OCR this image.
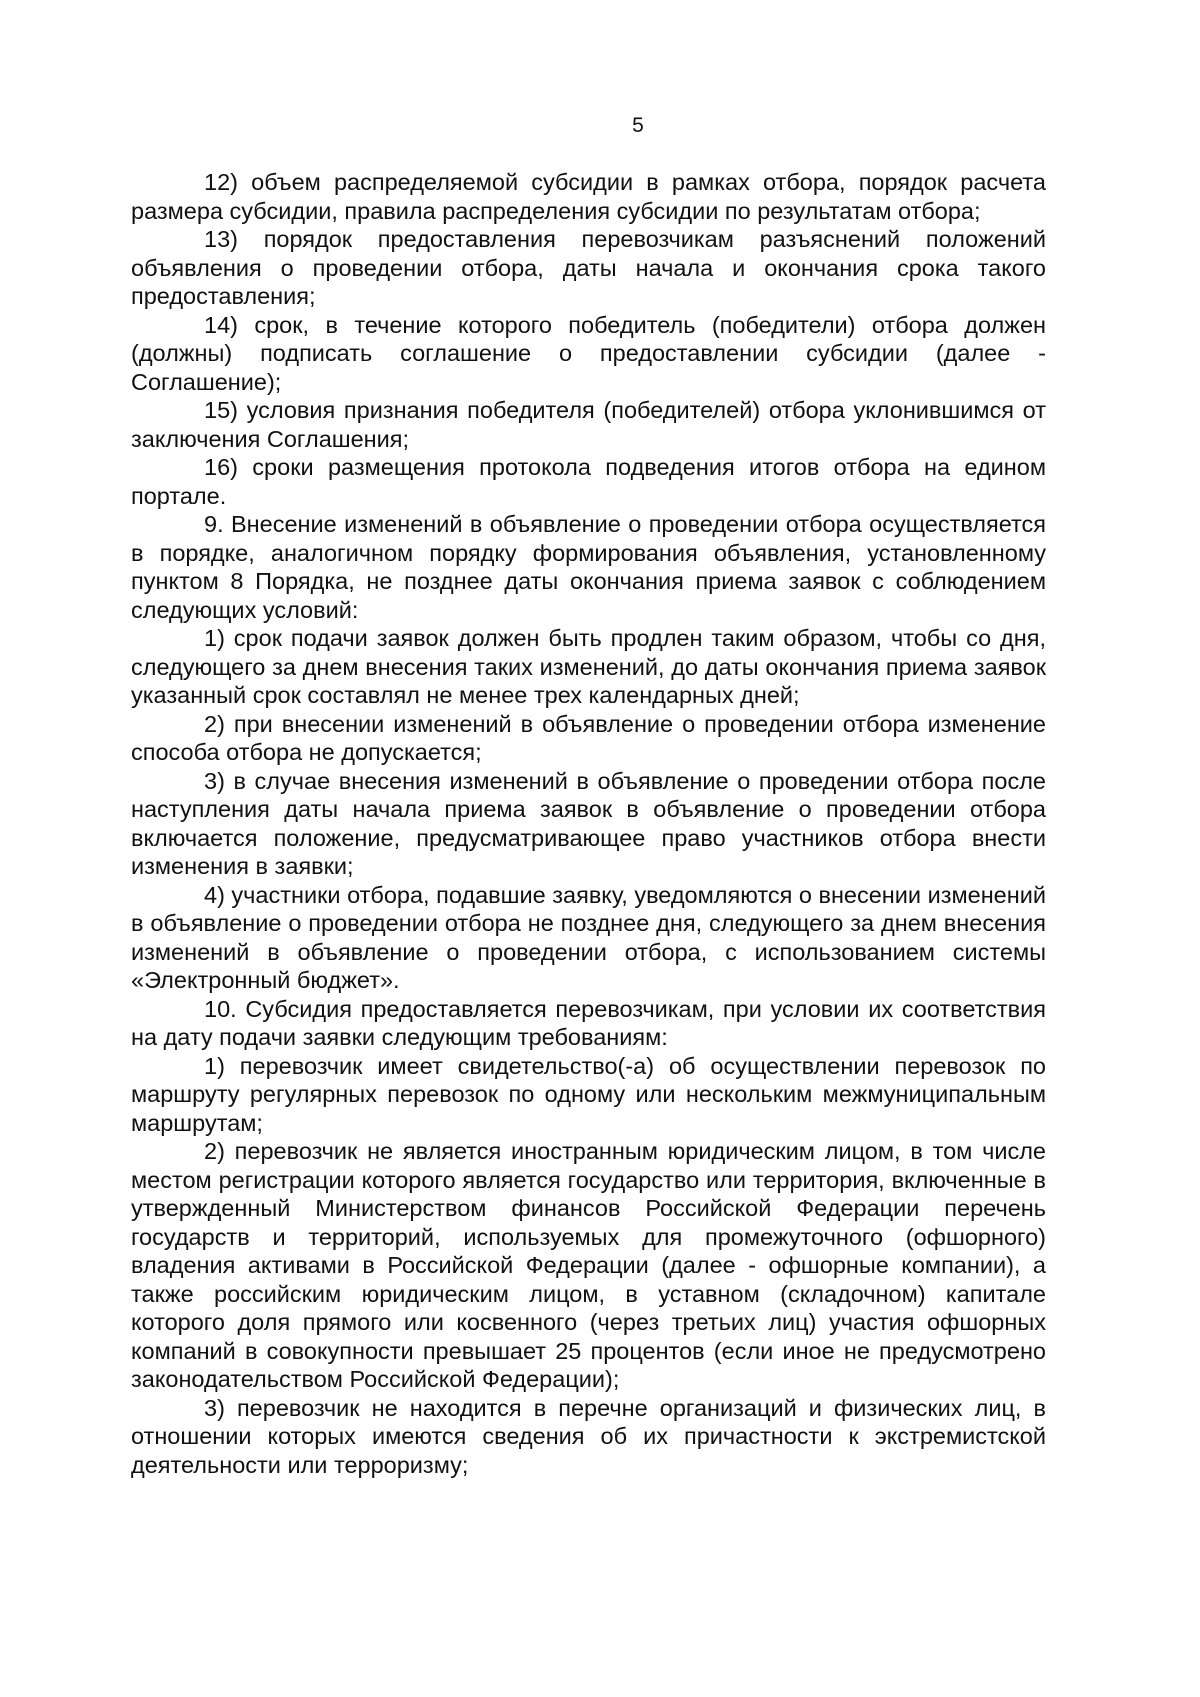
5

12) объем распределяемой субсидии в рамках отбора, порядок расчета размера субсидии, правила распределения субсидии по результатам отбора;

13) порядок предоставления перевозчикам разъяснений положений объявления о проведении отбора, даты начала и окончания срока такого предоставления;

14) срок, в течение которого победитель (победители) отбора должен (должны) подписать соглашение о предоставлении субсидии (далее - Соглашение);

15) условия признания победителя (победителей) отбора уклонившимся от заключения Соглашения;

16) сроки размещения протокола подведения итогов отбора на едином портале.

9. Внесение изменений в объявление о проведении отбора осуществляется в порядке, аналогичном порядку формирования объявления, установленному пунктом 8 Порядка, не позднее даты окончания приема заявок с соблюдением следующих условий:

1) срок подачи заявок должен быть продлен таким образом, чтобы со дня, следующего за днем внесения таких изменений, до даты окончания приема заявок указанный срок составлял не менее трех календарных дней;

2) при внесении изменений в объявление о проведении отбора изменение способа отбора не допускается;

3) в случае внесения изменений в объявление о проведении отбора после наступления даты начала приема заявок в объявление о проведении отбора включается положение, предусматривающее право участников отбора внести изменения в заявки;

4) участники отбора, подавшие заявку, уведомляются о внесении изменений в объявление о проведении отбора не позднее дня, следующего за днем внесения изменений в объявление о проведении отбора, с использованием системы «Электронный бюджет».

10. Субсидия предоставляется перевозчикам, при условии их соответствия на дату подачи заявки следующим требованиям:

1) перевозчик имеет свидетельство(-а) об осуществлении перевозок по маршруту регулярных перевозок по одному или нескольким межмуниципальным маршрутам;

2) перевозчик не является иностранным юридическим лицом, в том числе местом регистрации которого является государство или территория, включенные в утвержденный Министерством финансов Российской Федерации перечень государств и территорий, используемых для промежуточного (офшорного) владения активами в Российской Федерации (далее - офшорные компании), а также российским юридическим лицом, в уставном (складочном) капитале которого доля прямого или косвенного (через третьих лиц) участия офшорных компаний в совокупности превышает 25 процентов (если иное не предусмотрено законодательством Российской Федерации);

3) перевозчик не находится в перечне организаций и физических лиц, в отношении которых имеются сведения об их причастности к экстремистской деятельности или терроризму;
